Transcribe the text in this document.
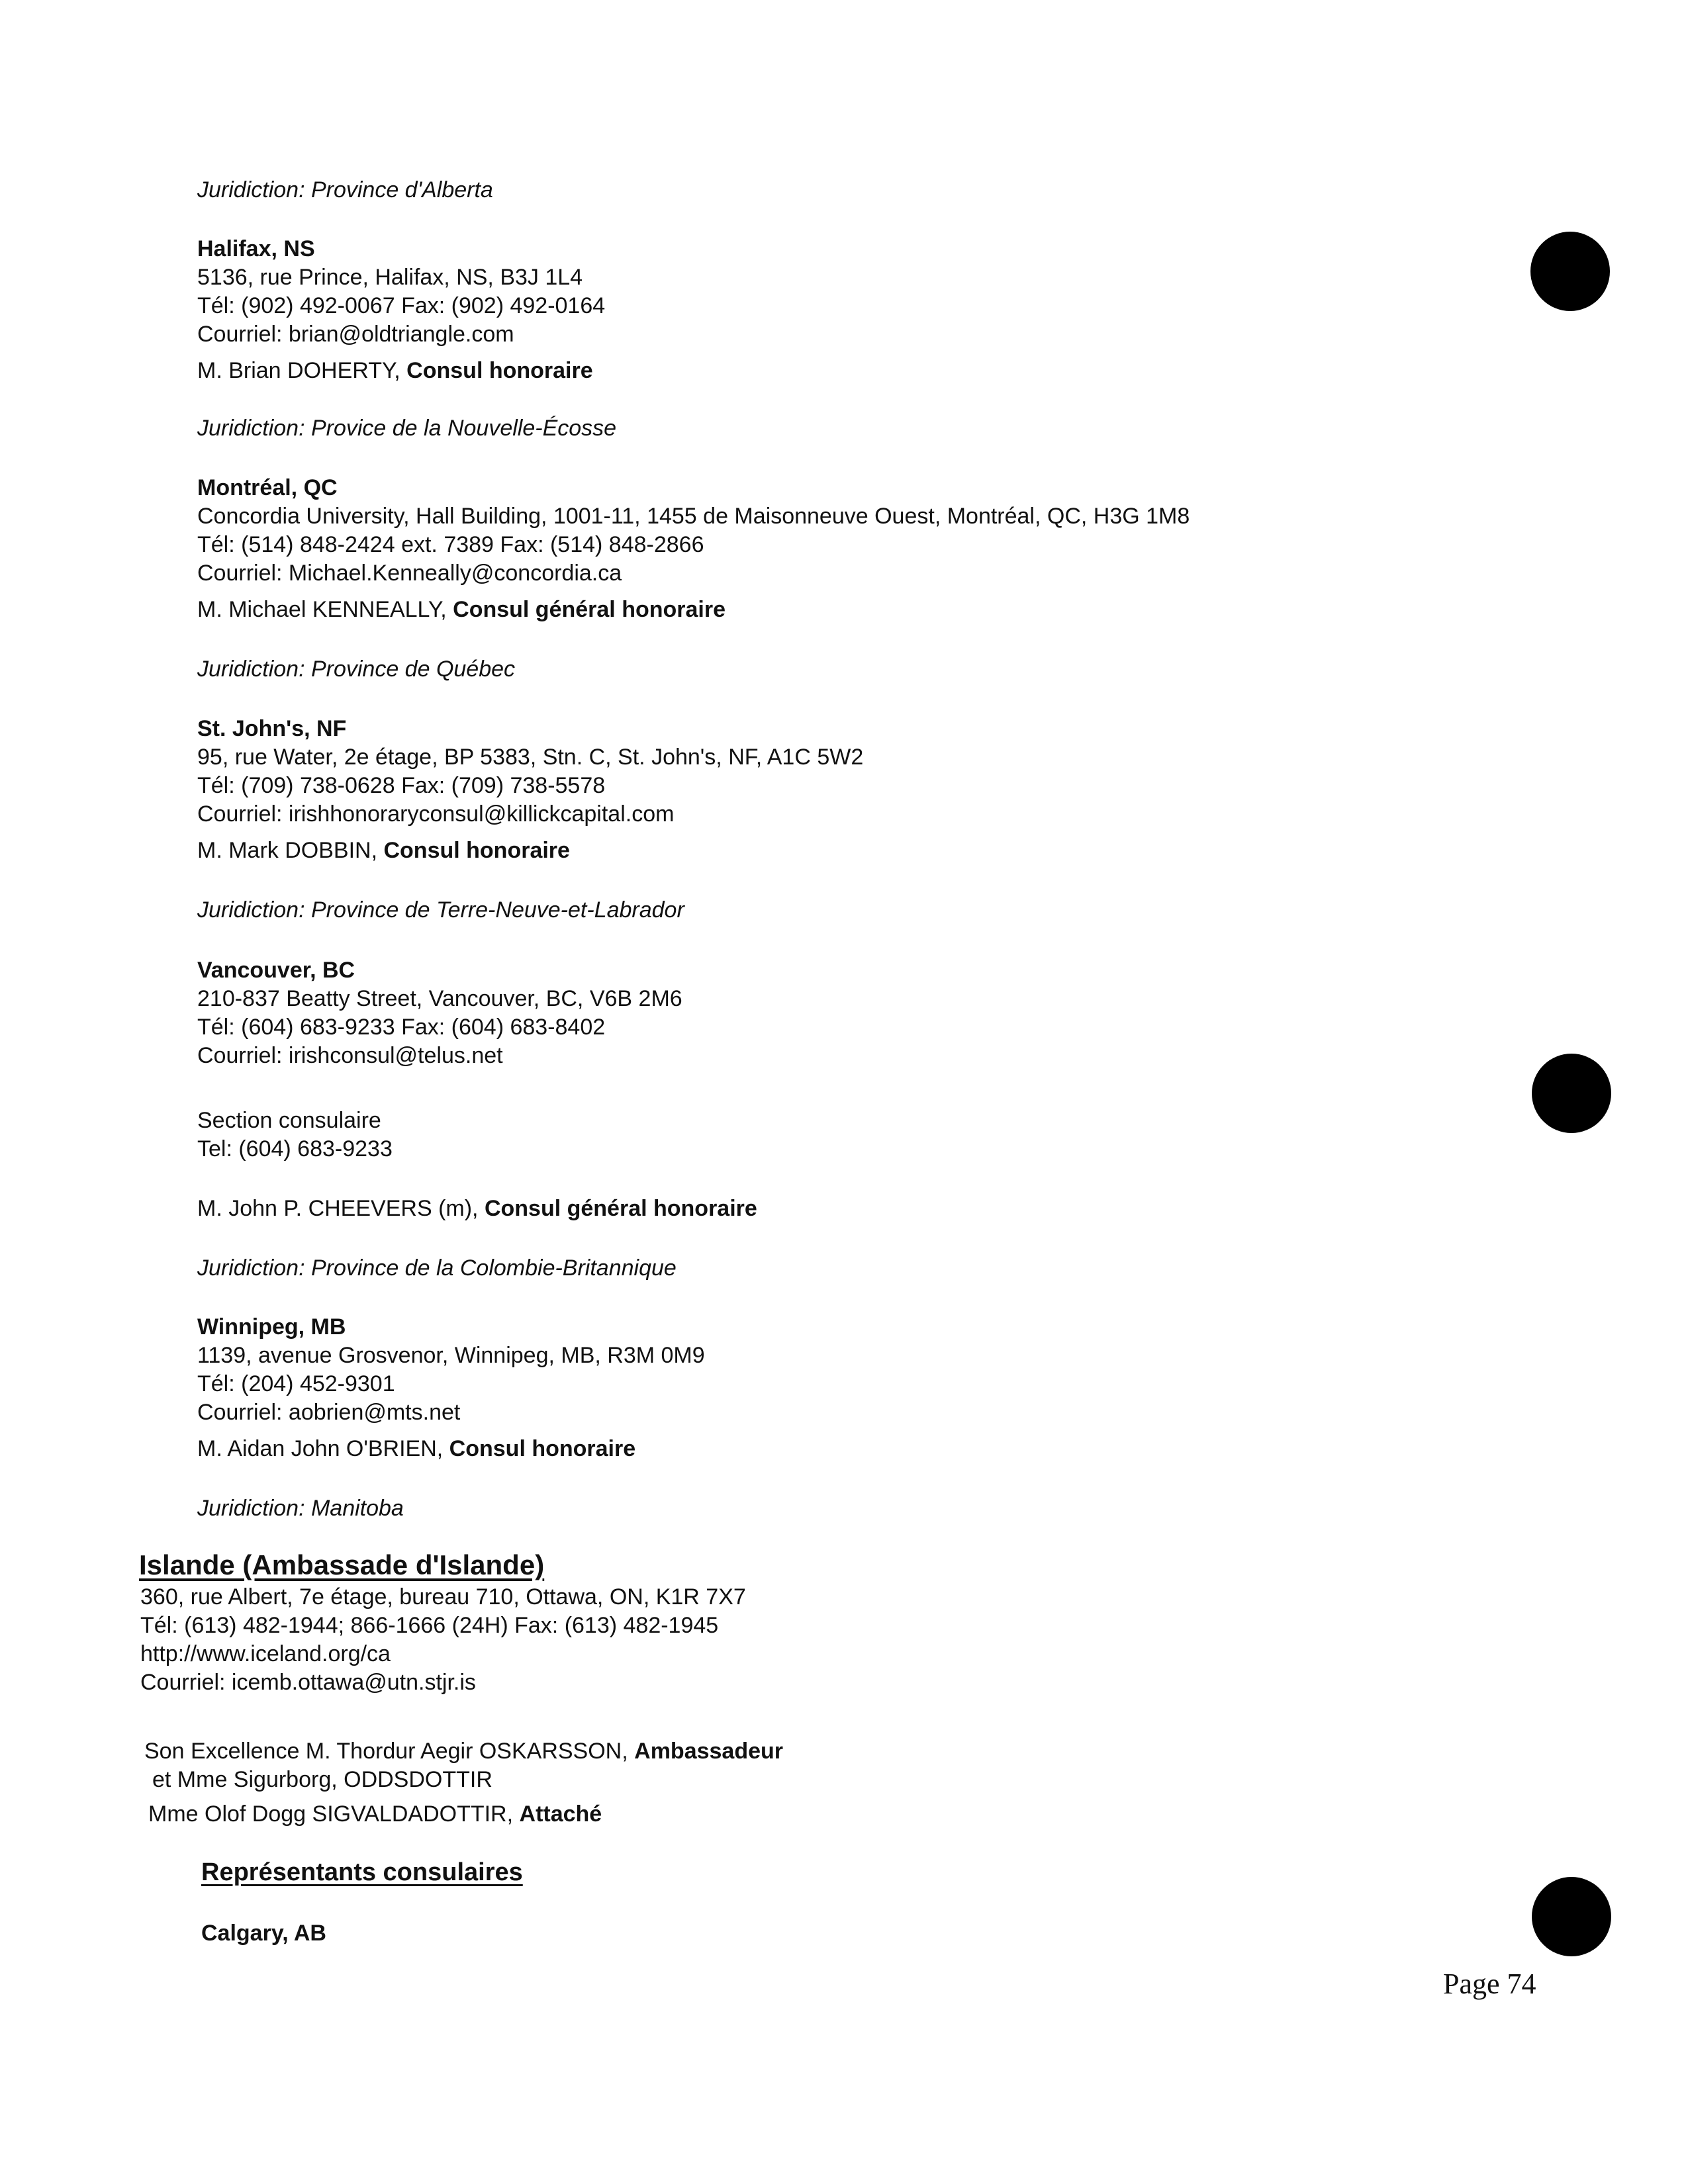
Juridiction: Province d'Alberta
Halifax, NS
5136, rue Prince, Halifax, NS, B3J 1L4
Tél: (902) 492-0067 Fax: (902) 492-0164
Courriel: brian@oldtriangle.com
M. Brian DOHERTY, Consul honoraire
Juridiction: Provice de la Nouvelle-Écosse
Montréal, QC
Concordia University, Hall Building, 1001-11, 1455 de Maisonneuve Ouest, Montréal, QC, H3G 1M8
Tél: (514) 848-2424 ext. 7389 Fax: (514) 848-2866
Courriel: Michael.Kenneally@concordia.ca
M. Michael KENNEALLY, Consul général honoraire
Juridiction: Province de Québec
St. John's, NF
95, rue Water, 2e étage, BP 5383, Stn. C, St. John's, NF, A1C 5W2
Tél: (709) 738-0628 Fax: (709) 738-5578
Courriel: irishhonoraryconsul@killickcapital.com
M. Mark DOBBIN, Consul honoraire
Juridiction: Province de Terre-Neuve-et-Labrador
Vancouver, BC
210-837 Beatty Street, Vancouver, BC, V6B 2M6
Tél: (604) 683-9233 Fax: (604) 683-8402
Courriel: irishconsul@telus.net
Section consulaire
Tel: (604) 683-9233
M. John P. CHEEVERS (m), Consul général honoraire
Juridiction: Province de la Colombie-Britannique
Winnipeg, MB
1139, avenue Grosvenor, Winnipeg, MB, R3M 0M9
Tél: (204) 452-9301
Courriel: aobrien@mts.net
M. Aidan John O'BRIEN, Consul honoraire
Juridiction: Manitoba
Islande (Ambassade d'Islande)
360, rue Albert, 7e étage, bureau 710, Ottawa, ON, K1R 7X7
Tél: (613) 482-1944; 866-1666 (24H) Fax: (613) 482-1945
http://www.iceland.org/ca
Courriel: icemb.ottawa@utn.stjr.is
Son Excellence M. Thordur Aegir OSKARSSON, Ambassadeur
et Mme Sigurborg, ODDSDOTTIR
Mme Olof Dogg SIGVALDADOTTIR, Attaché
Représentants consulaires
Calgary, AB
Page 74
